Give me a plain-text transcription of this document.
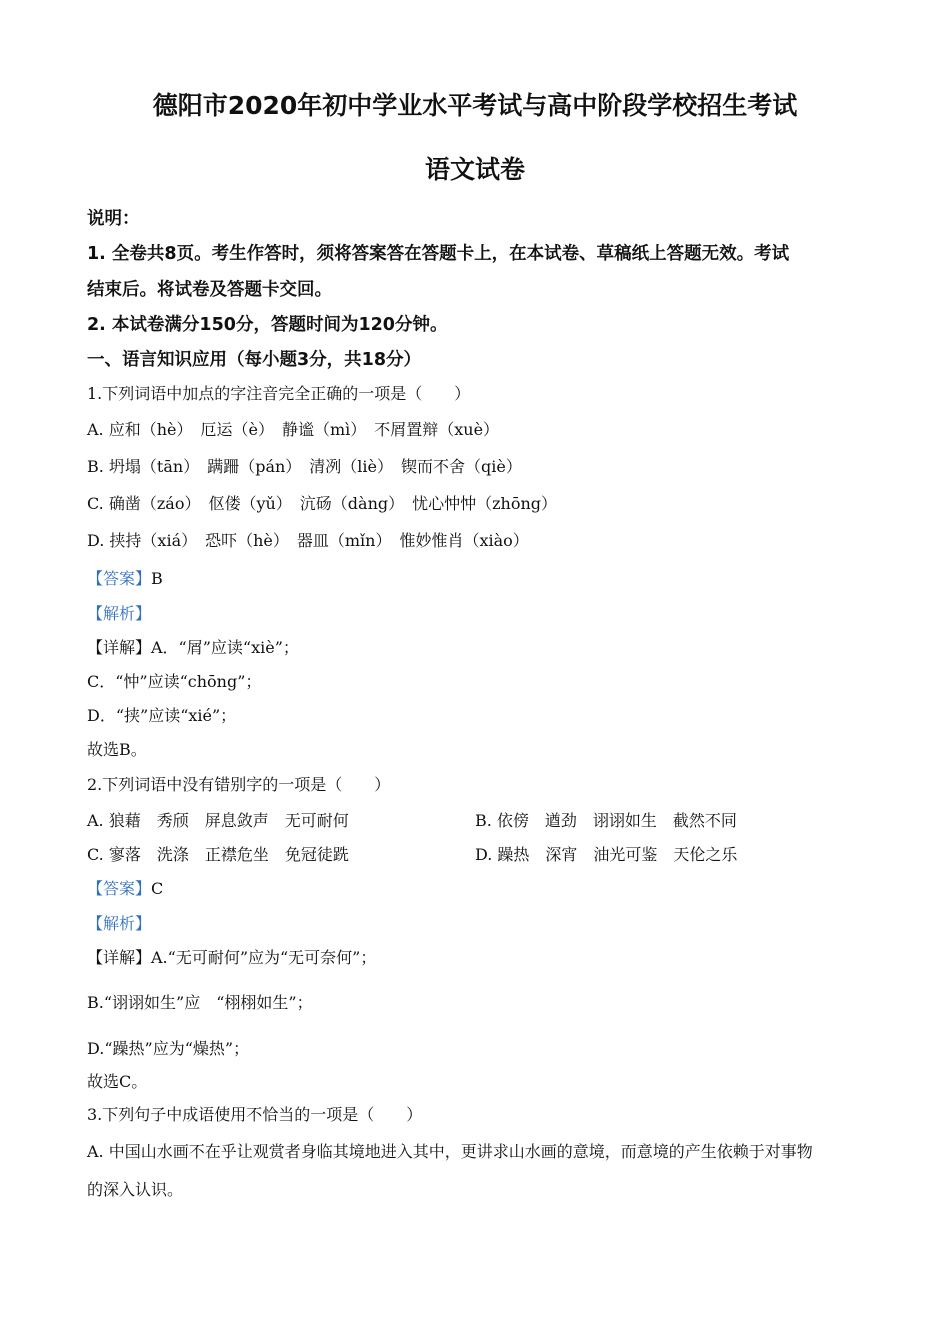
德阳市2020年初中学业水平考试与高中阶段学校招生考试
语文试卷
说明：
1. 全卷共8页。考生作答时，须将答案答在答题卡上，在本试卷、草稿纸上答题无效。考试
结束后。将试卷及答题卡交回。
2. 本试卷满分150分，答题时间为120分钟。
一、语言知识应用（每小题3分，共18分）
1.下列词语中加点的字注音完全正确的一项是（　　）
A. 应和（hè）　厄运（è）　静谧（mì）　不屑置辩（xuè）
B. 坍塌（tān）　蹒跚（pán）　清冽（liè）　锲而不舍（qiè）
C. 确凿（záo）　伛偻（yǔ）　沆砀（dàng）　忧心忡忡（zhōng）
D. 挟持（xiá）　恐吓（hè）　器皿（mǐn）　惟妙惟肖（xiào）
【答案】B
【解析】
【详解】A．“屑”应读“xiè”；
C．“忡”应读“chōng”；
D．“挟”应读“xié”；
故选B。
2.下列词语中没有错别字的一项是（　　）
A. 狼藉　秀颀　屏息敛声　无可耐何	B. 依傍　遒劲　诩诩如生　截然不同
C. 寥落　洗涤　正襟危坐　免冠徒跣	D. 躁热　深宵　油光可鉴　天伦之乐
【答案】C
【解析】
【详解】A.“无可耐何”应为“无可奈何”；
B.“诩诩如生”应　“栩栩如生”；
D.“躁热”应为“燥热”；
故选C。
3.下列句子中成语使用不恰当的一项是（　　）
A. 中国山水画不在乎让观赏者身临其境地进入其中，更讲求山水画的意境，而意境的产生依赖于对事物
的深入认识。
